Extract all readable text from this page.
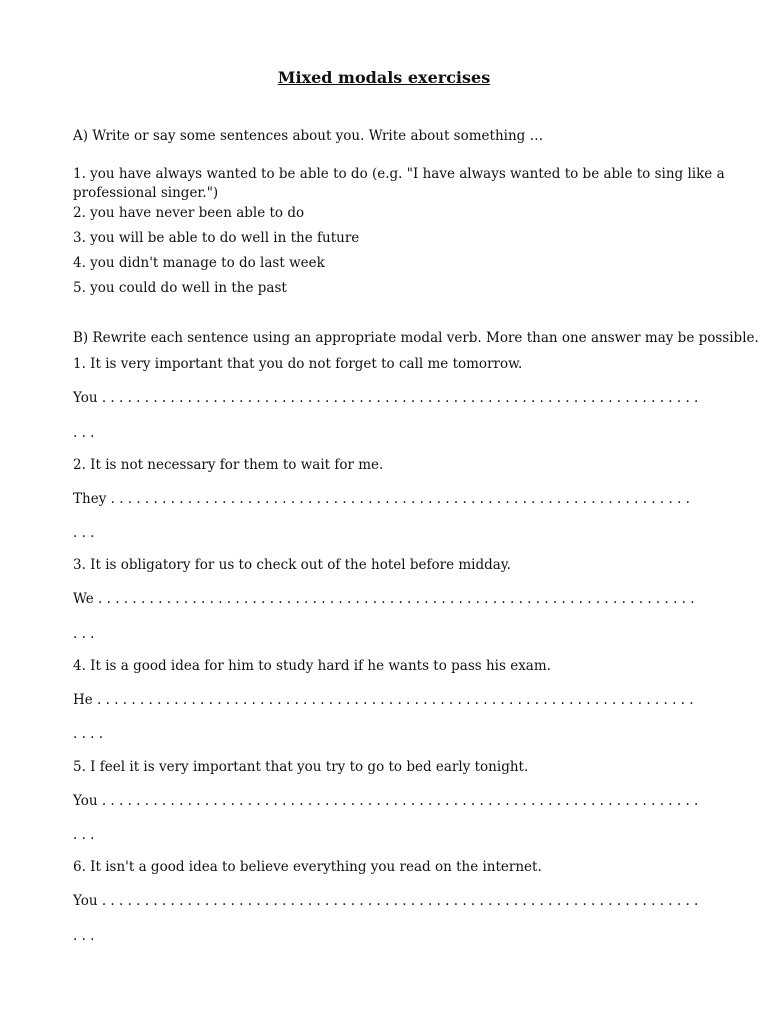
Mixed modals exercises

A) Write or say some sentences about you. Write about something …

1. you have always wanted to be able to do (e.g. "I have always wanted to be able to sing like a

professional singer.")

2. you have never been able to do

3. you will be able to do well in the future

4. you didn't manage to do last week

5. you could do well in the past

B) Rewrite each sentence using an appropriate modal verb. More than one answer may be possible.

1. It is very important that you do not forget to call me tomorrow.

You . . . . . . . . . . . . . . . . . . . . . . . . . . . . . . . . . . . . . . . . . . . . . . . . . . . . . . . . . . . . . . . . . . . . . .

. . .

2. It is not necessary for them to wait for me.

They . . . . . . . . . . . . . . . . . . . . . . . . . . . . . . . . . . . . . . . . . . . . . . . . . . . . . . . . . . . . . . . . . . . .

. . .

3. It is obligatory for us to check out of the hotel before midday.

We . . . . . . . . . . . . . . . . . . . . . . . . . . . . . . . . . . . . . . . . . . . . . . . . . . . . . . . . . . . . . . . . . . . . . .

. . .

4. It is a good idea for him to study hard if he wants to pass his exam.

He . . . . . . . . . . . . . . . . . . . . . . . . . . . . . . . . . . . . . . . . . . . . . . . . . . . . . . . . . . . . . . . . . . . . . .

. . . .

5. I feel it is very important that you try to go to bed early tonight.

You . . . . . . . . . . . . . . . . . . . . . . . . . . . . . . . . . . . . . . . . . . . . . . . . . . . . . . . . . . . . . . . . . . . . . .

. . .

6. It isn't a good idea to believe everything you read on the internet.

You . . . . . . . . . . . . . . . . . . . . . . . . . . . . . . . . . . . . . . . . . . . . . . . . . . . . . . . . . . . . . . . . . . . . . .

. . .
